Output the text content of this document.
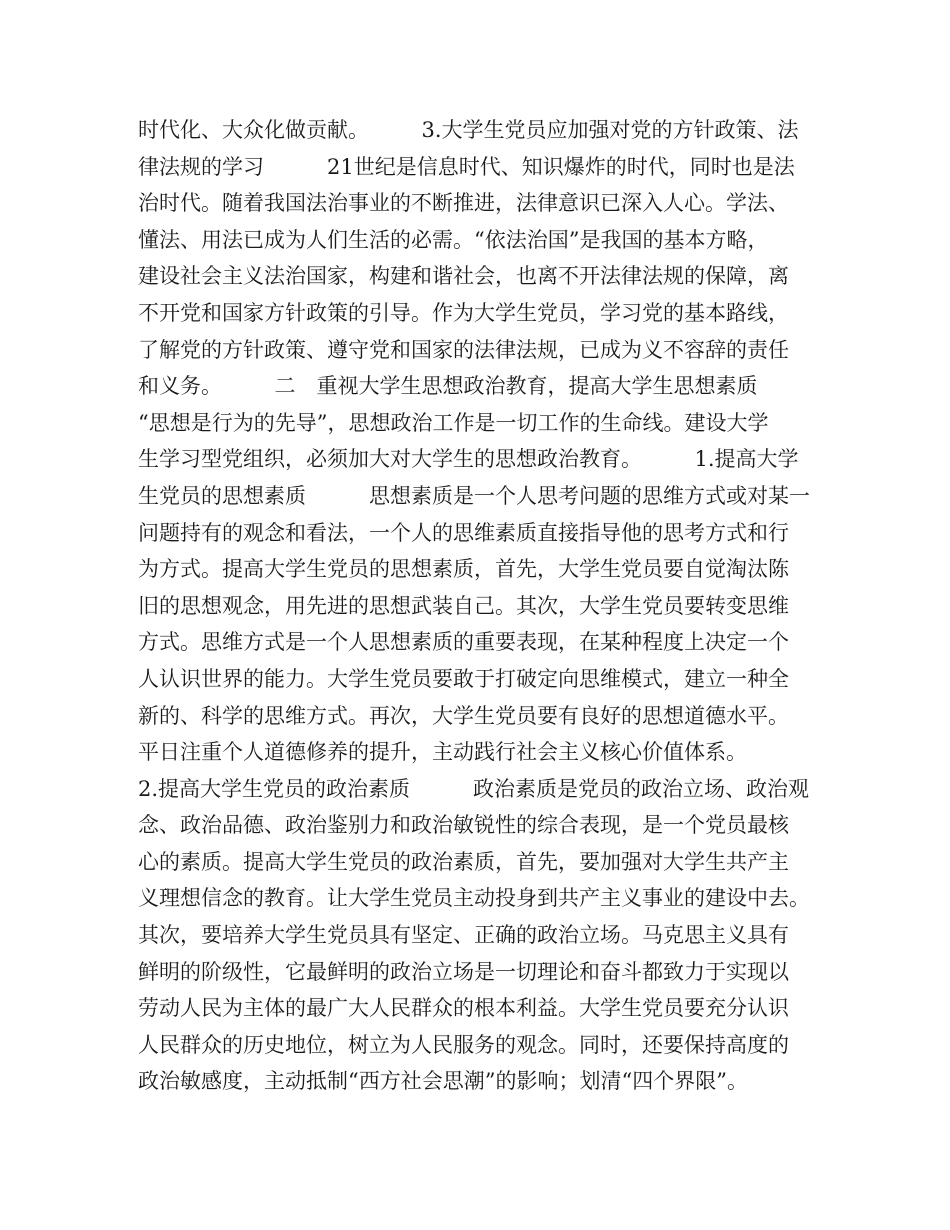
时代化、大众化做贡献。　　　3.大学生党员应加强对党的方针政策、法
律法规的学习　　　21世纪是信息时代、知识爆炸的时代，同时也是法
治时代。随着我国法治事业的不断推进，法律意识已深入人心。学法、
懂法、用法已成为人们生活的必需。“依法治国”是我国的基本方略，
建设社会主义法治国家，构建和谐社会，也离不开法律法规的保障，离
不开党和国家方针政策的引导。作为大学生党员，学习党的基本路线，
了解党的方针政策、遵守党和国家的法律法规，已成为义不容辞的责任
和义务。　　　二　重视大学生思想政治教育，提高大学生思想素质
“思想是行为的先导”，思想政治工作是一切工作的生命线。建设大学
生学习型党组织，必须加大对大学生的思想政治教育。　　　1.提高大学
生党员的思想素质　　　思想素质是一个人思考问题的思维方式或对某一
问题持有的观念和看法，一个人的思维素质直接指导他的思考方式和行
为方式。提高大学生党员的思想素质，首先，大学生党员要自觉淘汰陈
旧的思想观念，用先进的思想武装自己。其次，大学生党员要转变思维
方式。思维方式是一个人思想素质的重要表现，在某种程度上决定一个
人认识世界的能力。大学生党员要敢于打破定向思维模式，建立一种全
新的、科学的思维方式。再次，大学生党员要有良好的思想道德水平。
平日注重个人道德修养的提升，主动践行社会主义核心价值体系。
2.提高大学生党员的政治素质　　　政治素质是党员的政治立场、政治观
念、政治品德、政治鉴别力和政治敏锐性的综合表现，是一个党员最核
心的素质。提高大学生党员的政治素质，首先，要加强对大学生共产主
义理想信念的教育。让大学生党员主动投身到共产主义事业的建设中去。
其次，要培养大学生党员具有坚定、正确的政治立场。马克思主义具有
鲜明的阶级性，它最鲜明的政治立场是一切理论和奋斗都致力于实现以
劳动人民为主体的最广大人民群众的根本利益。大学生党员要充分认识
人民群众的历史地位，树立为人民服务的观念。同时，还要保持高度的
政治敏感度，主动抵制“西方社会思潮”的影响；划清“四个界限”。
